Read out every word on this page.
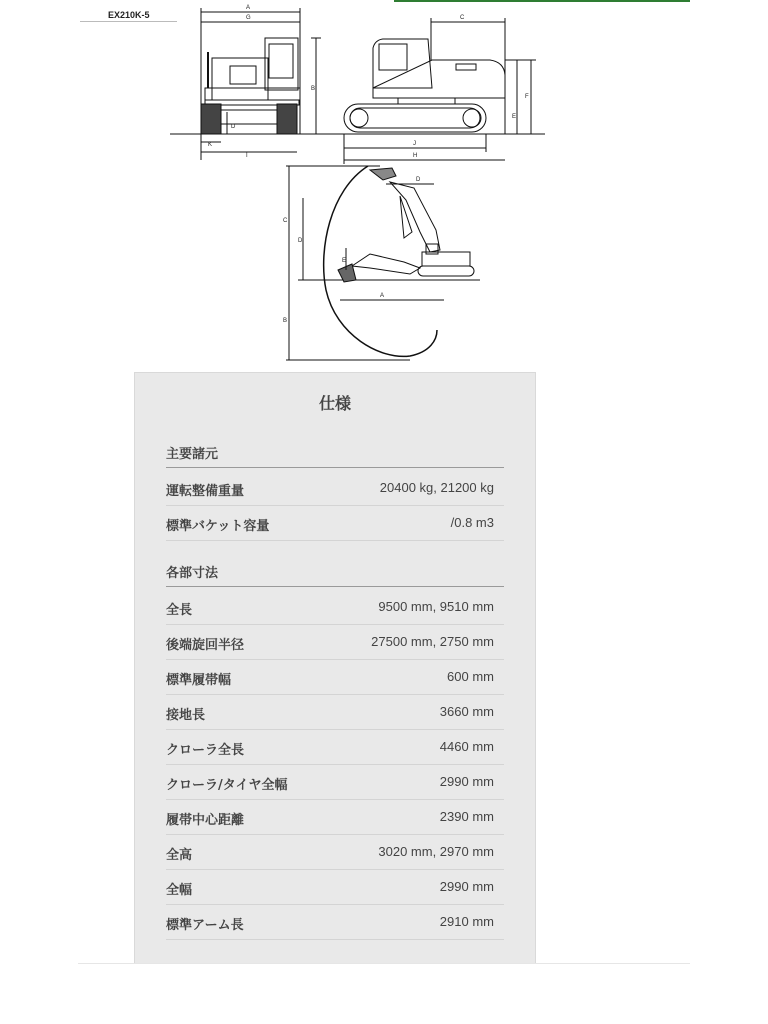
EX210K-5
A
G
B
D
K
I
C
F
E
J
H
D
C
D
E
A
B
仕様
主要諸元
運転整備重量	20400 kg, 21200 kg
標準バケット容量	/0.8 m3
各部寸法
全長	9500 mm, 9510 mm
後端旋回半径	27500 mm, 2750 mm
標準履帯幅	600 mm
接地長	3660 mm
クローラ全長	4460 mm
クローラ/タイヤ全幅	2990 mm
履帯中心距離	2390 mm
全高	3020 mm, 2970 mm
全幅	2990 mm
標準アーム長	2910 mm
